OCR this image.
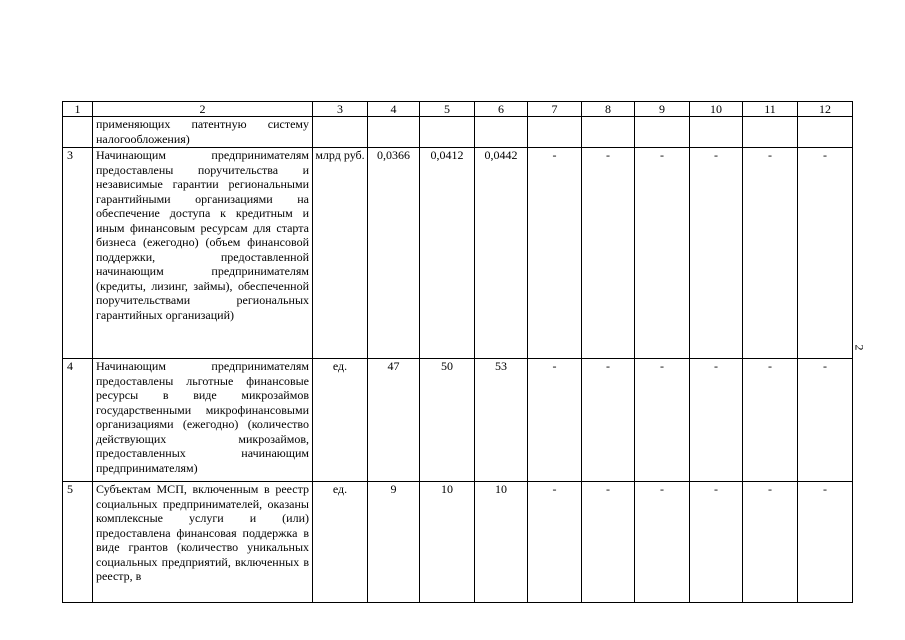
1	2	3	4	5	6	7	8	9	10	11	12
	применяющих патентную систему налогообложения)										
3	Начинающим предпринимателям предоставлены поручительства и независимые гарантии региональными гарантийными организациями на обеспечение доступа к кредитным и иным финансовым ресурсам для старта бизнеса (ежегодно) (объем финансовой поддержки, предоставленной начинающим предпринимателям (кредиты, лизинг, займы), обеспеченной поручительствами региональных гарантийных организаций)	млрд руб.	0,0366	0,0412	0,0442	-	-	-	-	-	-
4	Начинающим предпринимателям предоставлены льготные финансовые ресурсы в виде микрозаймов государственными микрофинансовыми организациями (ежегодно) (количество действующих микрозаймов, предоставленных начинающим предпринимателям)	ед.	47	50	53	-	-	-	-	-	-
5	Субъектам МСП, включенным в реестр социальных предпринимателей, оказаны комплексные услуги и (или) предоставлена финансовая поддержка в виде грантов (количество уникальных социальных предприятий, включенных в реестр, в	ед.	9	10	10	-	-	-	-	-	-
2
